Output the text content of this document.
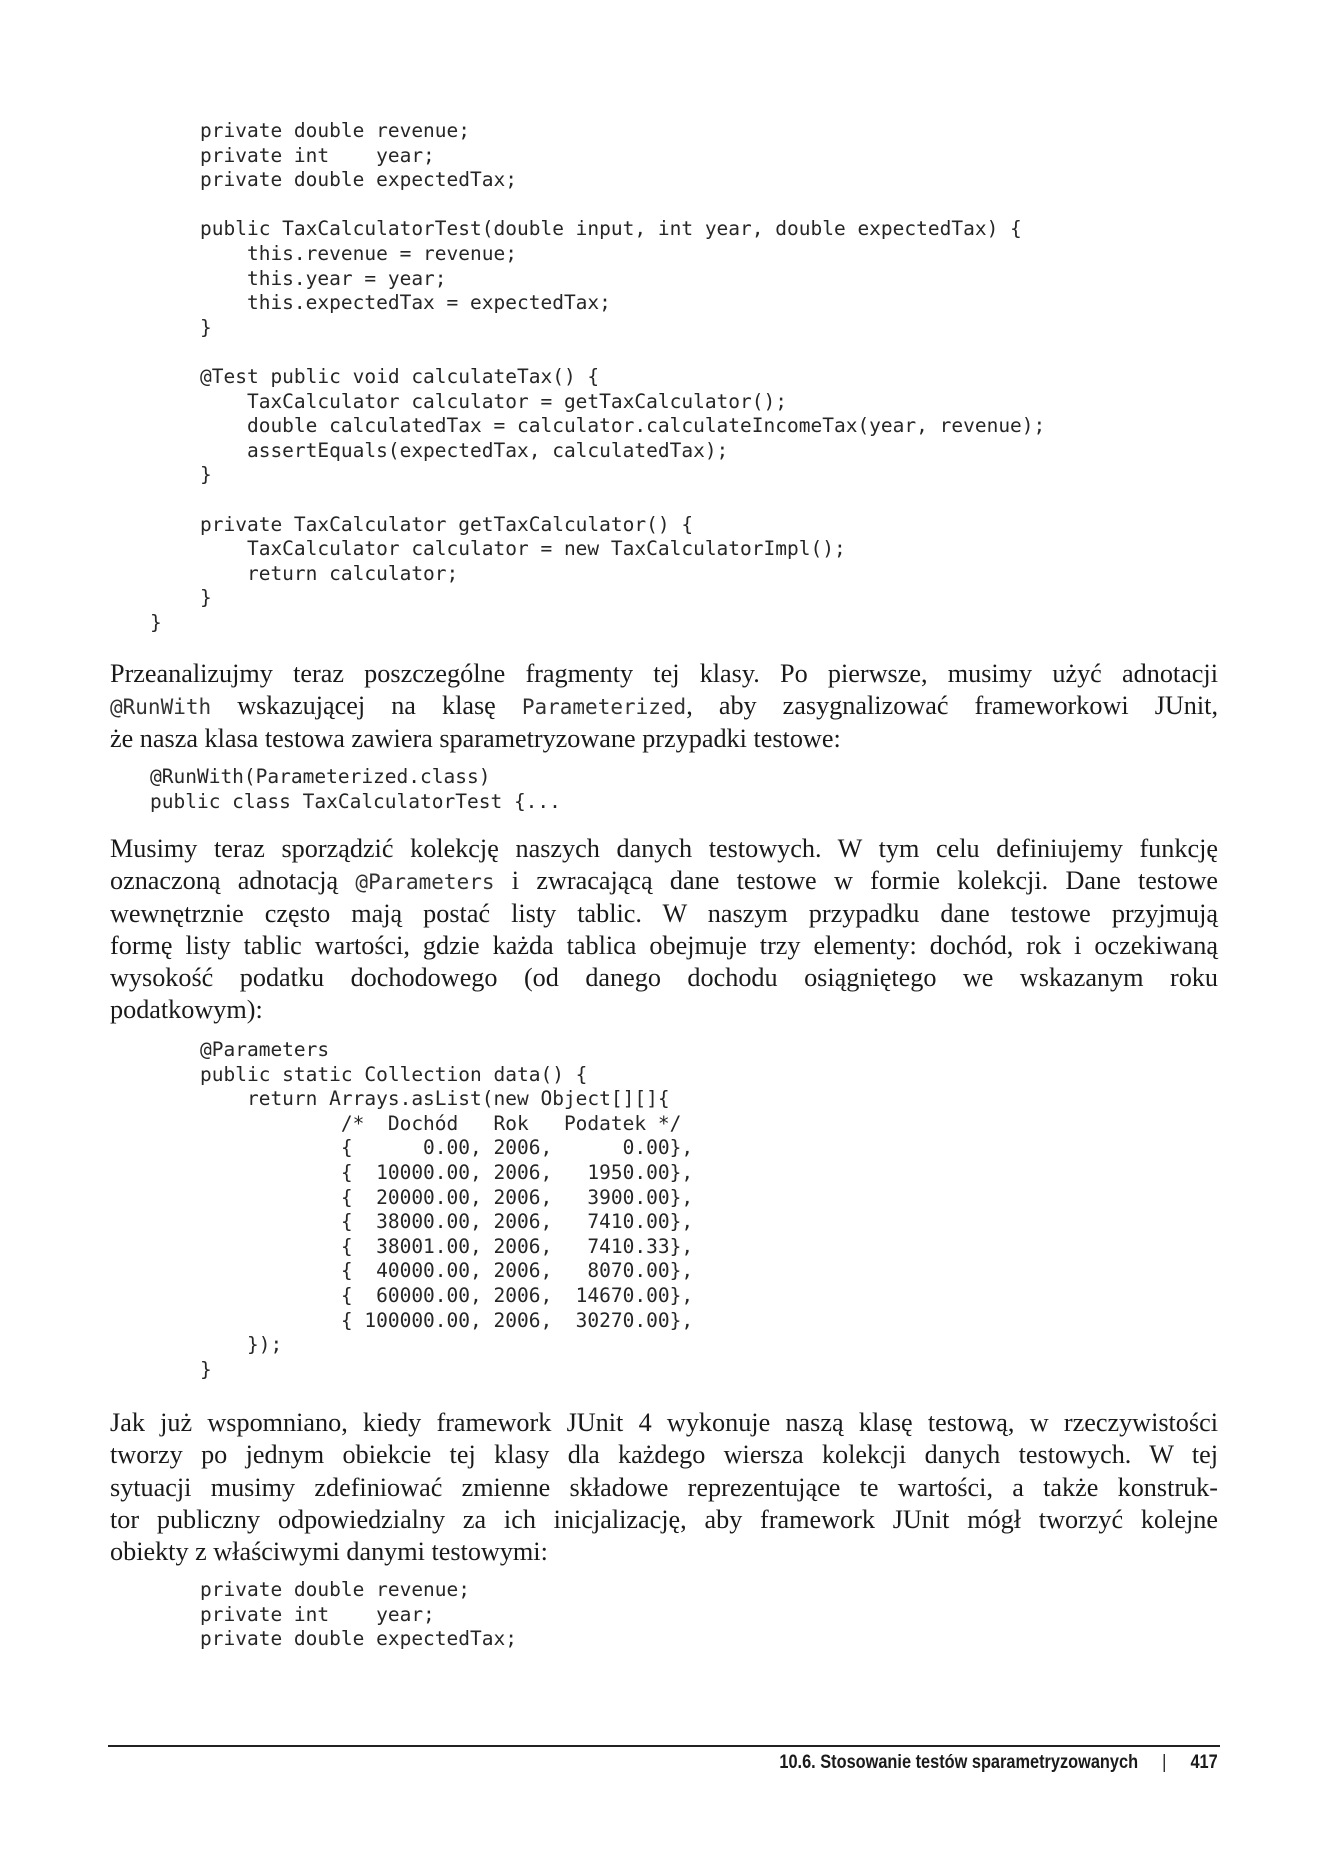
private double revenue;
private int    year;
private double expectedTax;
public TaxCalculatorTest(double input, int year, double expectedTax) {
this.revenue = revenue;
this.year = year;
this.expectedTax = expectedTax;
}
@Test public void calculateTax() {
TaxCalculator calculator = getTaxCalculator();
double calculatedTax = calculator.calculateIncomeTax(year, revenue);
assertEquals(expectedTax, calculatedTax);
}
private TaxCalculator getTaxCalculator() {
TaxCalculator calculator = new TaxCalculatorImpl();
return calculator;
}
}
Przeanalizujmy teraz poszczególne fragmenty tej klasy. Po pierwsze, musimy użyć adnotacji
@RunWith wskazującej na klasę Parameterized, aby zasygnalizować frameworkowi JUnit,
że nasza klasa testowa zawiera sparametryzowane przypadki testowe:
@RunWith(Parameterized.class)
public class TaxCalculatorTest {...
Musimy teraz sporządzić kolekcję naszych danych testowych. W tym celu definiujemy funkcję
oznaczoną adnotacją @Parameters i zwracającą dane testowe w formie kolekcji. Dane testowe
wewnętrznie często mają postać listy tablic. W naszym przypadku dane testowe przyjmują
formę listy tablic wartości, gdzie każda tablica obejmuje trzy elementy: dochód, rok i oczekiwaną
wysokość podatku dochodowego (od danego dochodu osiągniętego we wskazanym roku
podatkowym):
@Parameters
public static Collection data() {
return Arrays.asList(new Object[][]{
/*  Dochód   Rok   Podatek */
{      0.00, 2006,      0.00},
{  10000.00, 2006,   1950.00},
{  20000.00, 2006,   3900.00},
{  38000.00, 2006,   7410.00},
{  38001.00, 2006,   7410.33},
{  40000.00, 2006,   8070.00},
{  60000.00, 2006,  14670.00},
{ 100000.00, 2006,  30270.00},
});
}
Jak już wspomniano, kiedy framework JUnit 4 wykonuje naszą klasę testową, w rzeczywistości
tworzy po jednym obiekcie tej klasy dla każdego wiersza kolekcji danych testowych. W tej
sytuacji musimy zdefiniować zmienne składowe reprezentujące te wartości, a także konstruk-
tor publiczny odpowiedzialny za ich inicjalizację, aby framework JUnit mógł tworzyć kolejne
obiekty z właściwymi danymi testowymi:
private double revenue;
private int    year;
private double expectedTax;
10.6. Stosowanie testów sparametryzowanych | 417
